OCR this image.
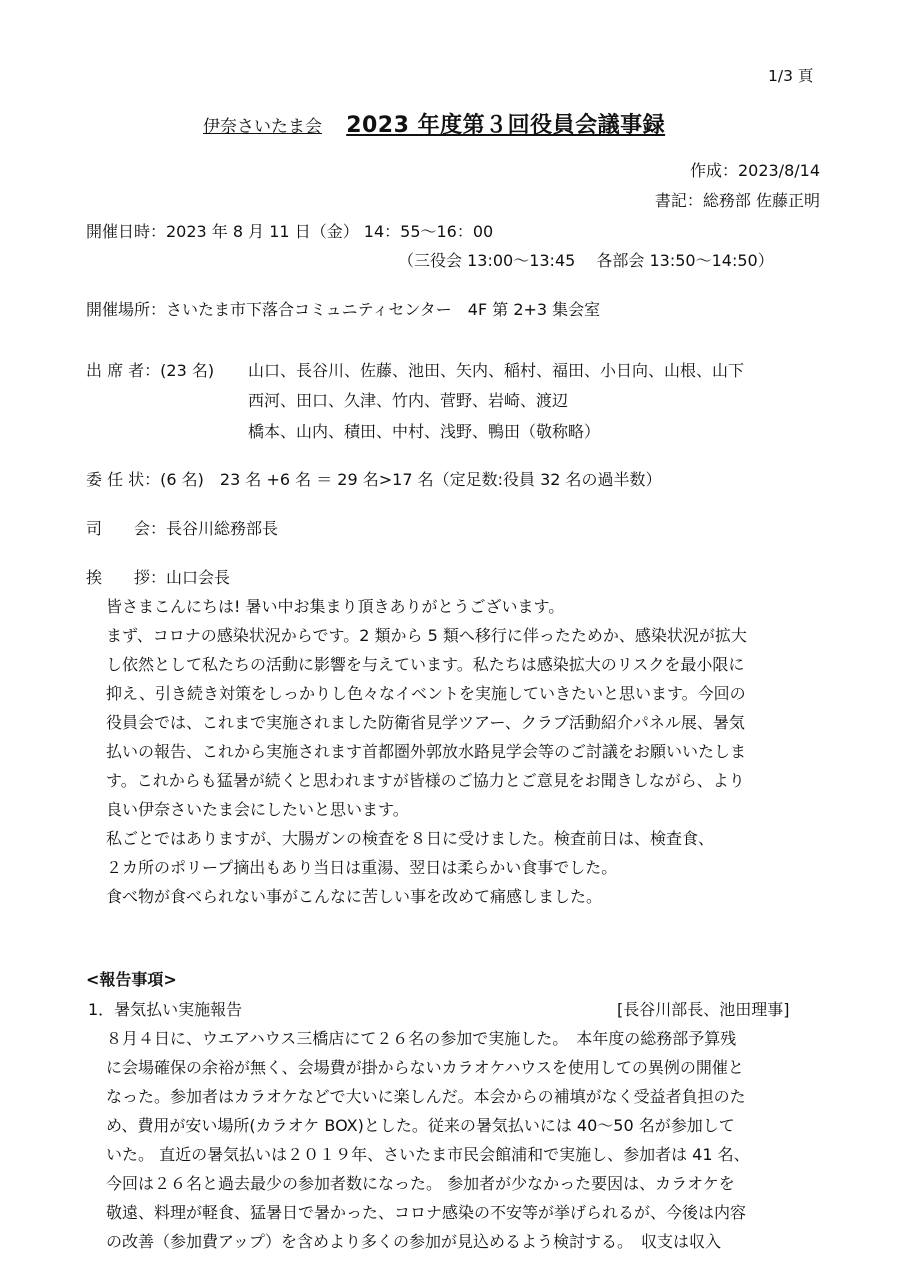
1/3 頁
伊奈さいたま会 2023 年度第３回役員会議事録
作成：2023/8/14
書記：総務部 佐藤正明
開催日時：2023 年 8 月 11 日（金） 14：55～16：00
（三役会 13:00～13:45　 各部会 13:50～14:50）
開催場所：さいたま市下落合コミュニティセンター　4F 第 2+3 集会室
出 席 者：(23 名) 山口、長谷川、佐藤、池田、矢内、稲村、福田、小日向、山根、山下
西河、田口、久津、竹内、菅野、岩崎、渡辺
橋本、山内、積田、中村、浅野、鴨田（敬称略）
委 任 状：(6 名)　23 名 +6 名 ＝ 29 名>17 名（定足数:役員 32 名の過半数）
司　　会：長谷川総務部長
挨　　拶：山口会長
皆さまこんにちは! 暑い中お集まり頂きありがとうございます。
まず、コロナの感染状況からです。2 類から 5 類へ移行に伴ったためか、感染状況が拡大
し依然として私たちの活動に影響を与えています。私たちは感染拡大のリスクを最小限に
抑え、引き続き対策をしっかりし色々なイベントを実施していきたいと思います。今回の
役員会では、これまで実施されました防衛省見学ツアー、クラブ活動紹介パネル展、暑気
払いの報告、これから実施されます首都圏外郭放水路見学会等のご討議をお願いいたしま
す。これからも猛暑が続くと思われますが皆様のご協力とご意見をお聞きしながら、より
良い伊奈さいたま会にしたいと思います。
私ごとではありますが、大腸ガンの検査を８日に受けました。検査前日は、検査食、
２カ所のポリープ摘出もあり当日は重湯、翌日は柔らかい食事でした。
食べ物が食べられない事がこんなに苦しい事を改めて痛感しました。
<報告事項>
1．暑気払い実施報告	[長谷川部長、池田理事]
８月４日に、ウエアハウス三橋店にて２６名の参加で実施した。　本年度の総務部予算残
に会場確保の余裕が無く、会場費が掛からないカラオケハウスを使用しての異例の開催と
なった。参加者はカラオケなどで大いに楽しんだ。本会からの補填がなく受益者負担のた
め、費用が安い場所(カラオケ BOX)とした。従来の暑気払いには 40～50 名が参加して
いた。 直近の暑気払いは２０１９年、さいたま市民会館浦和で実施し、参加者は 41 名、
今回は２６名と過去最少の参加者数になった。 参加者が少なかった要因は、カラオケを
敬遠、料理が軽食、猛暑日で暑かった、コロナ感染の不安等が挙げられるが、今後は内容
の改善（参加費アップ）を含めより多くの参加が見込めるよう検討する。　収支は収入
